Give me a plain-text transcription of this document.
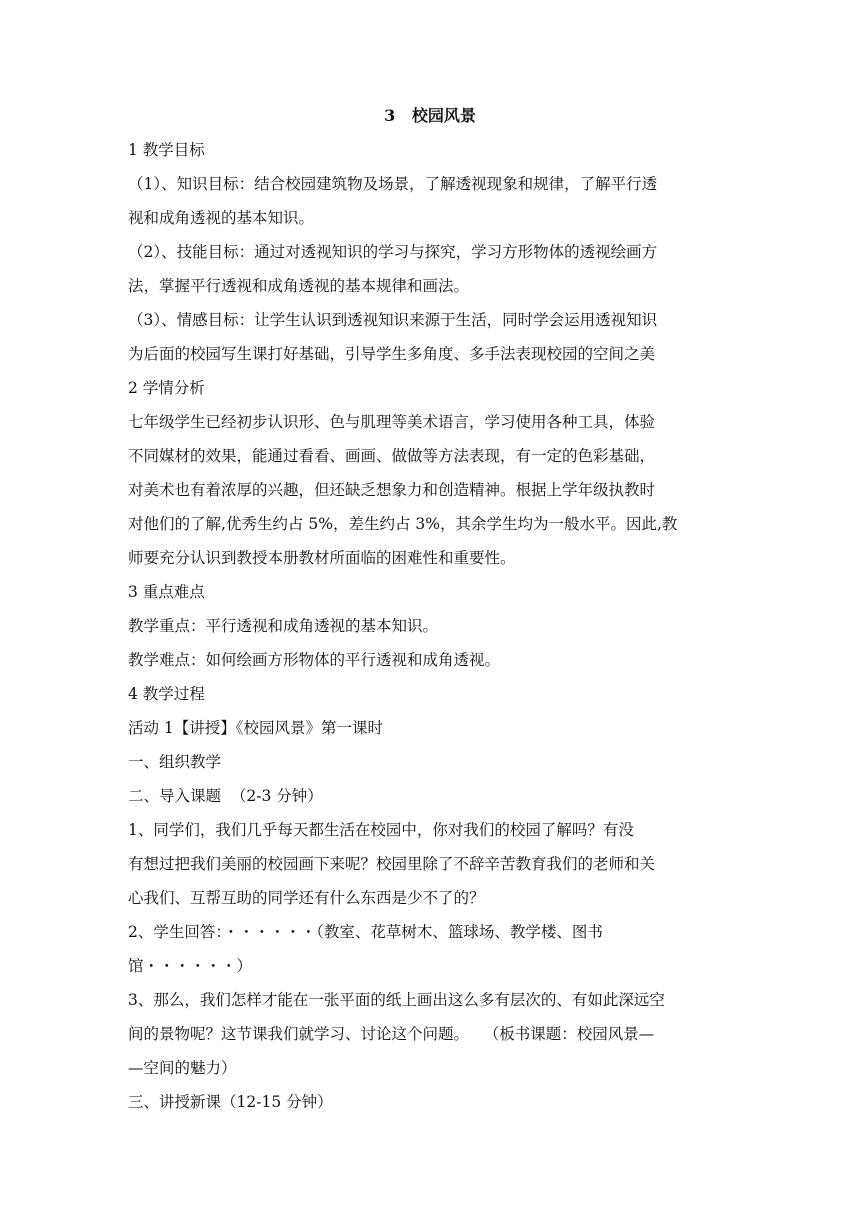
3   校园风景
1 教学目标
（1）、知识目标：结合校园建筑物及场景，了解透视现象和规律，了解平行透
视和成角透视的基本知识。
（2）、技能目标：通过对透视知识的学习与探究，学习方形物体的透视绘画方
法，掌握平行透视和成角透视的基本规律和画法。
（3）、情感目标：让学生认识到透视知识来源于生活，同时学会运用透视知识
为后面的校园写生课打好基础，引导学生多角度、多手法表现校园的空间之美
2 学情分析
七年级学生已经初步认识形、色与肌理等美术语言，学习使用各种工具，体验
不同媒材的效果，能通过看看、画画、做做等方法表现，有一定的色彩基础，
对美术也有着浓厚的兴趣，但还缺乏想象力和创造精神。根据上学年级执教时
对他们的了解,优秀生约占 5%，差生约占 3%，其余学生均为一般水平。因此,教
师要充分认识到教授本册教材所面临的困难性和重要性。
3 重点难点
教学重点：平行透视和成角透视的基本知识。
教学难点：如何绘画方形物体的平行透视和成角透视。
4 教学过程
活动 1【讲授】《校园风景》第一课时
一、组织教学
二、导入课题  （2-3 分钟）
1、同学们，我们几乎每天都生活在校园中，你对我们的校园了解吗？有没
有想过把我们美丽的校园画下来呢？校园里除了不辞辛苦教育我们的老师和关
心我们、互帮互助的同学还有什么东西是少不了的？
2、学生回答：・・・・・・（教室、花草树木、篮球场、教学楼、图书
馆・・・・・・）
3、那么，我们怎样才能在一张平面的纸上画出这么多有层次的、有如此深远空
间的景物呢？这节课我们就学习、讨论这个问题。   （板书课题：校园风景—
—空间的魅力）
三、讲授新课（12-15 分钟）
